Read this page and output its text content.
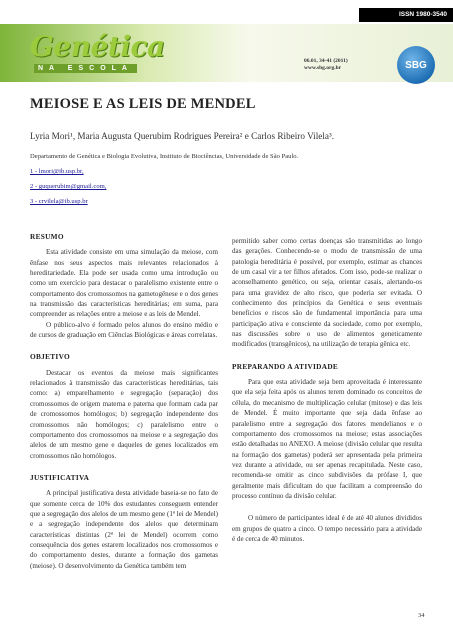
ISSN 1980-3540
Genética
NA ESCOLA
06.01, 34-41 (2011)
www.sbg.org.br	SBG
MEIOSE E AS LEIS DE MENDEL
Lyria Mori¹, Maria Augusta Querubim Rodrigues Pereira² e Carlos Ribeiro Vilela³.
Departamento de Genética e Biologia Evolutiva, Instituto de Biociências, Universidade de São Paulo.
1 - lmori@ib.usp.br,
2 - guquerubim@gmail.com,
3 - crvilela@ib.usp.br
RESUMO

Esta atividade consiste em uma simulação da meiose, com ênfase nos seus aspectos mais relevantes relacionados à hereditariedade. Ela pode ser usada como uma introdução ou como um exercício para destacar o paralelismo existente entre o comportamento dos cromossomos na gametogênese e o dos genes na transmissão das características hereditárias; em suma, para compreender as relações entre a meiose e as leis de Mendel.

O público-alvo é formado pelos alunos do ensino médio e de cursos de graduação em Ciências Biológicas e áreas correlatas.

OBJETIVO

Destacar os eventos da meiose mais significantes relacionados à transmissão das características hereditárias, tais como: a) emparelhamento e segregação (separação) dos cromossomos de origem materna e paterna que formam cada par de cromossomos homólogos; b) segregação independente dos cromossomos não homólogos; c) paralelismo entre o comportamento dos cromossomos na meiose e a segregação dos alelos de um mesmo gene e daqueles de genes localizados em cromossomos não homólogos.

JUSTIFICATIVA

A principal justificativa desta atividade baseia-se no fato de que somente cerca de 10% dos estudantes conseguem entender que a segregação dos alelos de um mesmo gene (1ª lei de Mendel) e a segregação independente dos alelos que determinam características distintas (2ª lei de Mendel) ocorrem como consequência dos genes estarem localizados nos cromossomos e do comportamento destes, durante a formação dos gametas (meiose). O desenvolvimento da Genética também tem

permitido saber como certas doenças são transmitidas ao longo das gerações. Conhecendo-se o modo de transmissão de uma patologia hereditária é possível, por exemplo, estimar as chances de um casal vir a ter filhos afetados. Com isso, pode-se realizar o aconselhamento genético, ou seja, orientar casais, alertando-os para uma gravidez de alto risco, que poderia ser evitada. O conhecimento dos princípios da Genética e seus eventuais benefícios e riscos são de fundamental importância para uma participação ativa e consciente da sociedade, como por exemplo, nas discussões sobre o uso de alimentos geneticamente modificados (transgênicos), na utilização de terapia gênica etc.

PREPARANDO A ATIVIDADE

Para que esta atividade seja bem aproveitada é interessante que ela seja feita após os alunos terem dominado os conceitos de célula, do mecanismo de multiplicação celular (mitose) e das leis de Mendel. É muito importante que seja dada ênfase ao paralelismo entre a segregação dos fatores mendelianos e o comportamento dos cromossomos na meiose; estas associações estão detalhadas no ANEXO. A meiose (divisão celular que resulta na formação dos gametas) poderá ser apresentada pela primeira vez durante a atividade, ou ser apenas recapitulada. Neste caso, recomenda-se omitir as cinco subdivisões da prófase I, que geralmente mais dificultam do que facilitam a compreensão do processo contínuo da divisão celular.

O número de participantes ideal é de até 40 alunos divididos em grupos de quatro a cinco. O tempo necessário para a atividade é de cerca de 40 minutos.

34
